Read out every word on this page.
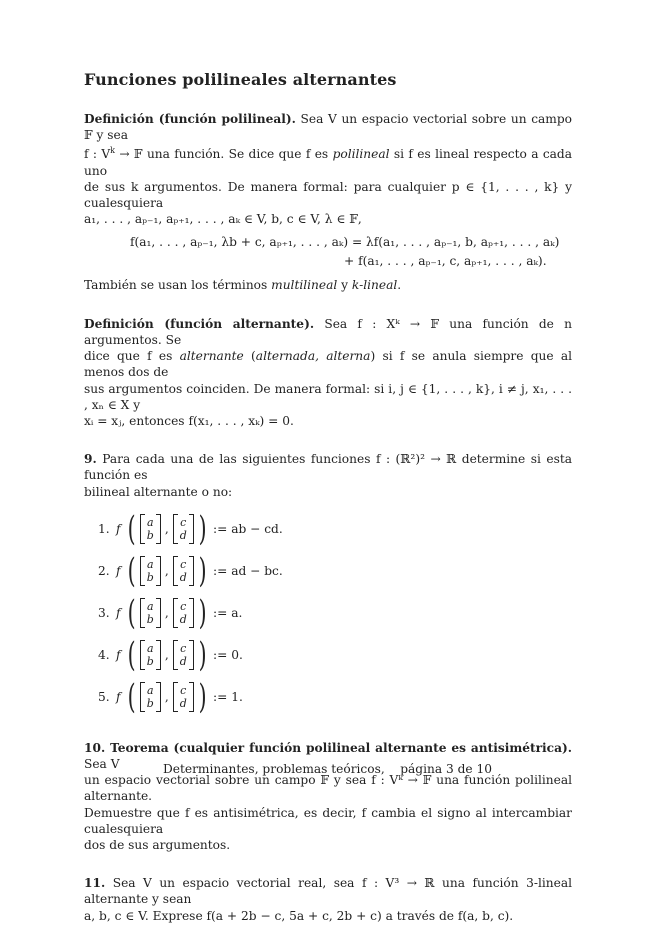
Funciones polilineales alternantes

Definición (función polilineal). Sea V un espacio vectorial sobre un campo 𝔽 y sea

f : $V^k$ → 𝔽 una función. Se dice que f es polilineal si f es lineal respecto a cada uno

de sus k argumentos. De manera formal: para cualquier p ∈ {1, . . . , k} y cualesquiera

a₁, . . . , aₚ₋₁, aₚ₊₁, . . . , aₖ ∈ V, b, c ∈ V, λ ∈ 𝔽,

f(a₁, . . . , aₚ₋₁, λb + c, aₚ₊₁, . . . , aₖ) = λf(a₁, . . . , aₚ₋₁, b, aₚ₊₁, . . . , aₖ)
+ f(a₁, . . . , aₚ₋₁, c, aₚ₊₁, . . . , aₖ).

También se usan los términos multilineal y k-lineal.

Definición (función alternante). Sea f : Xᵏ → 𝔽 una función de n argumentos. Se

dice que f es alternante (alternada, alterna) si f se anula siempre que al menos dos de

sus argumentos coinciden. De manera formal: si i, j ∈ {1, . . . , k}, i ≠ j, x₁, . . . , xₙ ∈ X y

xᵢ = xⱼ, entonces f(x₁, . . . , xₖ) = 0.

9. Para cada una de las siguientes funciones f : (ℝ²)² → ℝ determine si esta función es

bilineal alternante o no:

1. f ( a
b , c
d ) := ab − cd.
2. f ( a
b , c
d ) := ad − bc.
3. f ( a
b , c
d ) := a.
4. f ( a
b , c
d ) := 0.
5. f ( a
b , c
d ) := 1.

10. Teorema (cualquier función polilineal alternante es antisimétrica). Sea V

un espacio vectorial sobre un campo 𝔽 y sea f : Vᵏ → 𝔽 una función polilineal alternante.

Demuestre que f es antisimétrica, es decir, f cambia el signo al intercambiar cualesquiera

dos de sus argumentos.

11. Sea V un espacio vectorial real, sea f : V³ → ℝ una función 3-lineal alternante y sean

a, b, c ∈ V. Exprese f(a + 2b − c, 5a + c, 2b + c) a través de f(a, b, c).

Determinantes, problemas teóricos,    página 3 de 10
